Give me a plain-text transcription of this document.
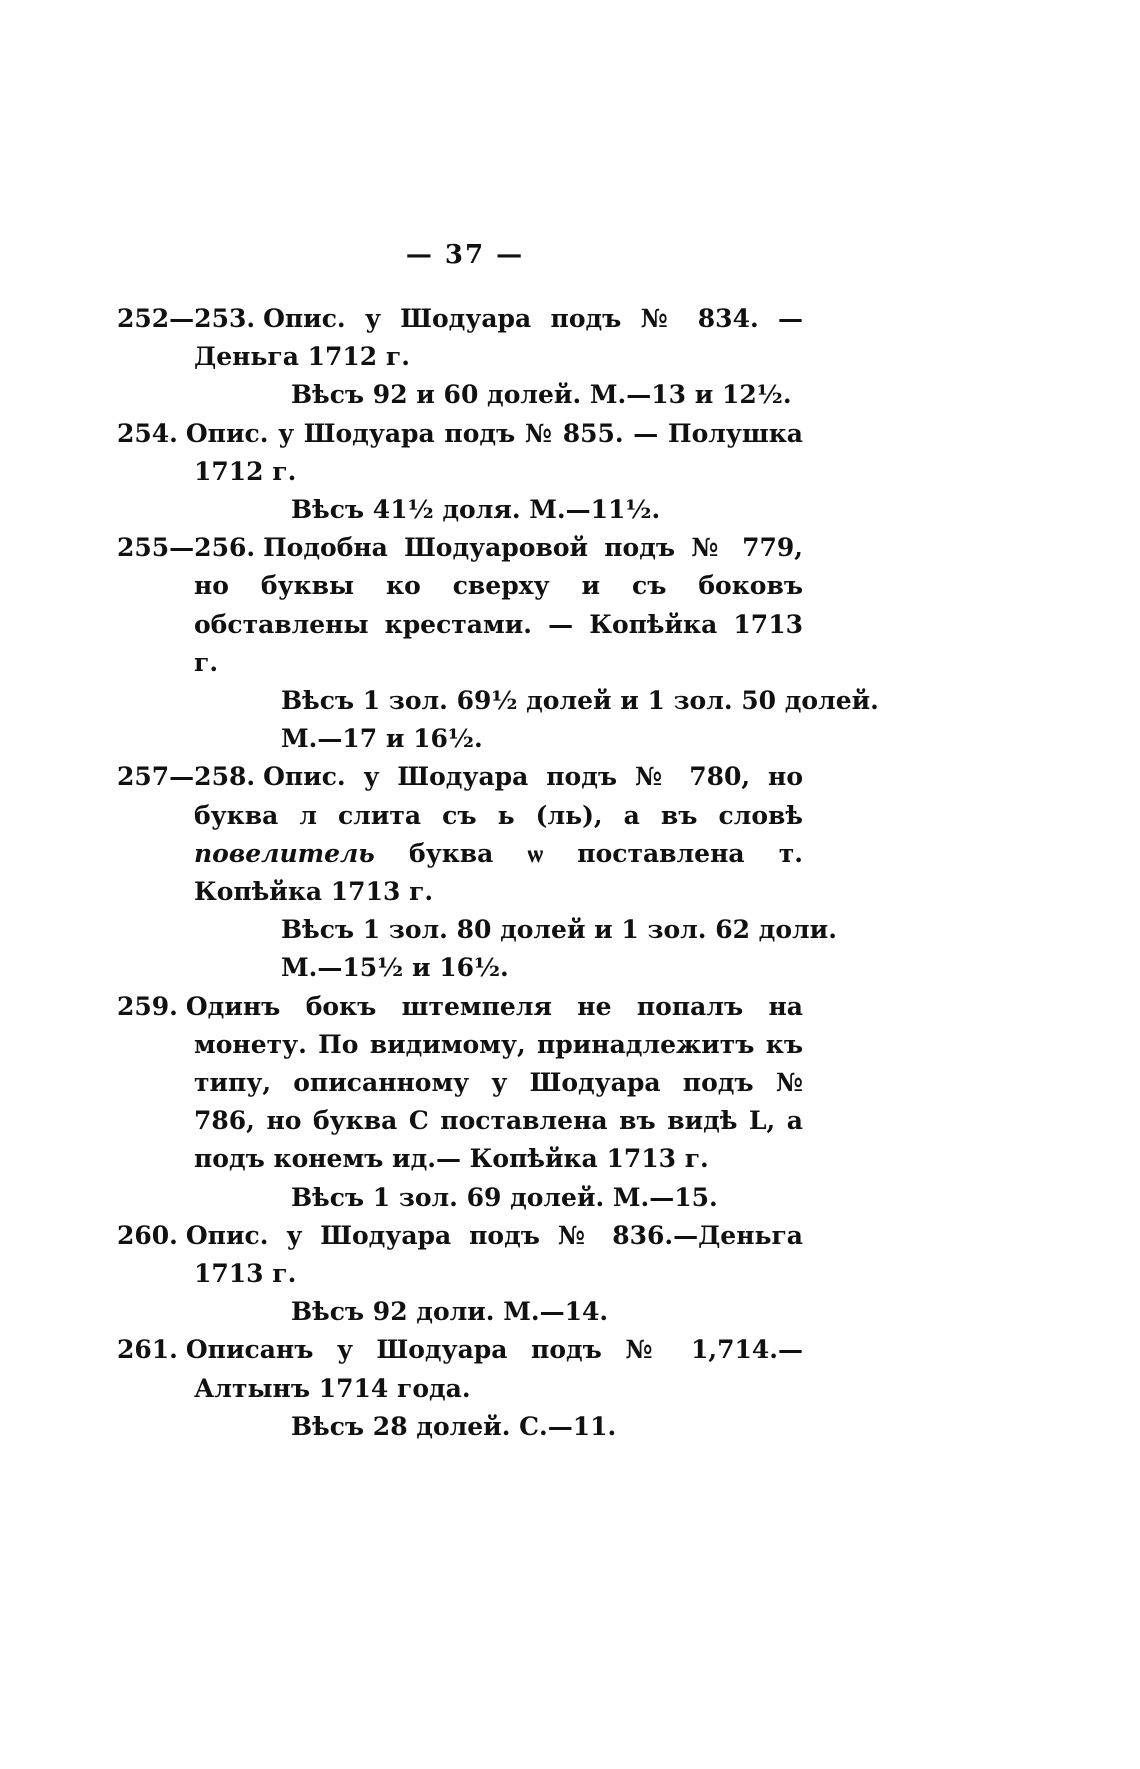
— 37 —
252—253. Опис. у Шодуара подъ № 834. — Деньга 1712 г.
Вѣсъ 92 и 60 долей. М.—13 и 12½.
254. Опис. у Шодуара подъ № 855. — Полушка 1712 г.
Вѣсъ 41½ доля. М.—11½.
255—256. Подобна Шодуаровой подъ № 779, но буквы ко сверху и съ боковъ обставлены крестами. — Копѣйка 1713 г.
Вѣсъ 1 зол. 69½ долей и 1 зол. 50 долей.
М.—17 и 16½.
257—258. Опис. у Шодуара подъ № 780, но буква л слита съ ь (ль), а въ словѣ повелитель буква ѡ поставлена т. Копѣйка 1713 г.
Вѣсъ 1 зол. 80 долей и 1 зол. 62 доли.
М.—15½ и 16½.
259. Одинъ бокъ штемпеля не попалъ на монету. По видимому, принадлежитъ къ типу, описанному у Шодуара подъ № 786, но буква С поставлена въ видѣ L, а подъ конемъ ид.— Копѣйка 1713 г.
Вѣсъ 1 зол. 69 долей. М.—15.
260. Опис. у Шодуара подъ № 836.—Деньга 1713 г.
Вѣсъ 92 доли. М.—14.
261. Описанъ у Шодуара подъ № 1,714.—Алтынъ 1714 года.
Вѣсъ 28 долей. С.—11.
